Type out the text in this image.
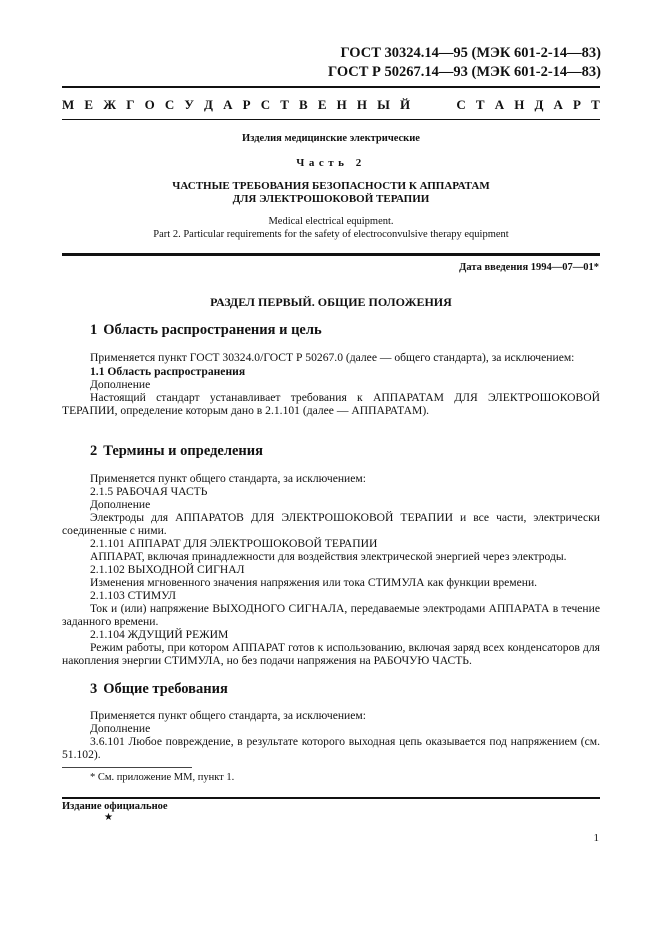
ГОСТ 30324.14—95 (МЭК 601-2-14—83)
ГОСТ Р 50267.14—93 (МЭК 601-2-14—83)
М Е Ж Г О С У Д А Р С Т В Е Н Н Ы Й	С Т А Н Д А Р Т
Изделия медицинские электрические
Часть 2
ЧАСТНЫЕ ТРЕБОВАНИЯ БЕЗОПАСНОСТИ К АППАРАТАМ
ДЛЯ ЭЛЕКТРОШОКОВОЙ ТЕРАПИИ
Medical electrical equipment.
Part 2. Particular requirements for the safety of electroconvulsive therapy equipment
Дата введения 1994—07—01*
РАЗДЕЛ ПЕРВЫЙ. ОБЩИЕ ПОЛОЖЕНИЯ
1 Область распространения и цель

Применяется пункт ГОСТ 30324.0/ГОСТ Р 50267.0 (далее — общего стандарта), за исключением:

1.1 Область распространения

Дополнение

Настоящий стандарт устанавливает требования к АППАРАТАМ ДЛЯ ЭЛЕКТРОШОКОВОЙ ТЕРАПИИ, определение которым дано в 2.1.101 (далее — АППАРАТАМ).

2 Термины и определения

Применяется пункт общего стандарта, за исключением:

2.1.5 РАБОЧАЯ ЧАСТЬ

Дополнение

Электроды для АППАРАТОВ ДЛЯ ЭЛЕКТРОШОКОВОЙ ТЕРАПИИ и все части, электрически соединенные с ними.

2.1.101 АППАРАТ ДЛЯ ЭЛЕКТРОШОКОВОЙ ТЕРАПИИ

АППАРАТ, включая принадлежности для воздействия электрической энергией через электроды.

2.1.102 ВЫХОДНОЙ СИГНАЛ

Изменения мгновенного значения напряжения или тока СТИМУЛА как функции времени.

2.1.103 СТИМУЛ

Ток и (или) напряжение ВЫХОДНОГО СИГНАЛА, передаваемые электродами АППАРАТА в течение заданного времени.

2.1.104 ЖДУЩИЙ РЕЖИМ

Режим работы, при котором АППАРАТ готов к использованию, включая заряд всех конденсаторов для накопления энергии СТИМУЛА, но без подачи напряжения на РАБОЧУЮ ЧАСТЬ.

3 Общие требования

Применяется пункт общего стандарта, за исключением:

Дополнение

3.6.101 Любое повреждение, в результате которого выходная цепь оказывается под напряжением (см. 51.102).

* См. приложение ММ, пункт 1.
Издание официальное
★
1
